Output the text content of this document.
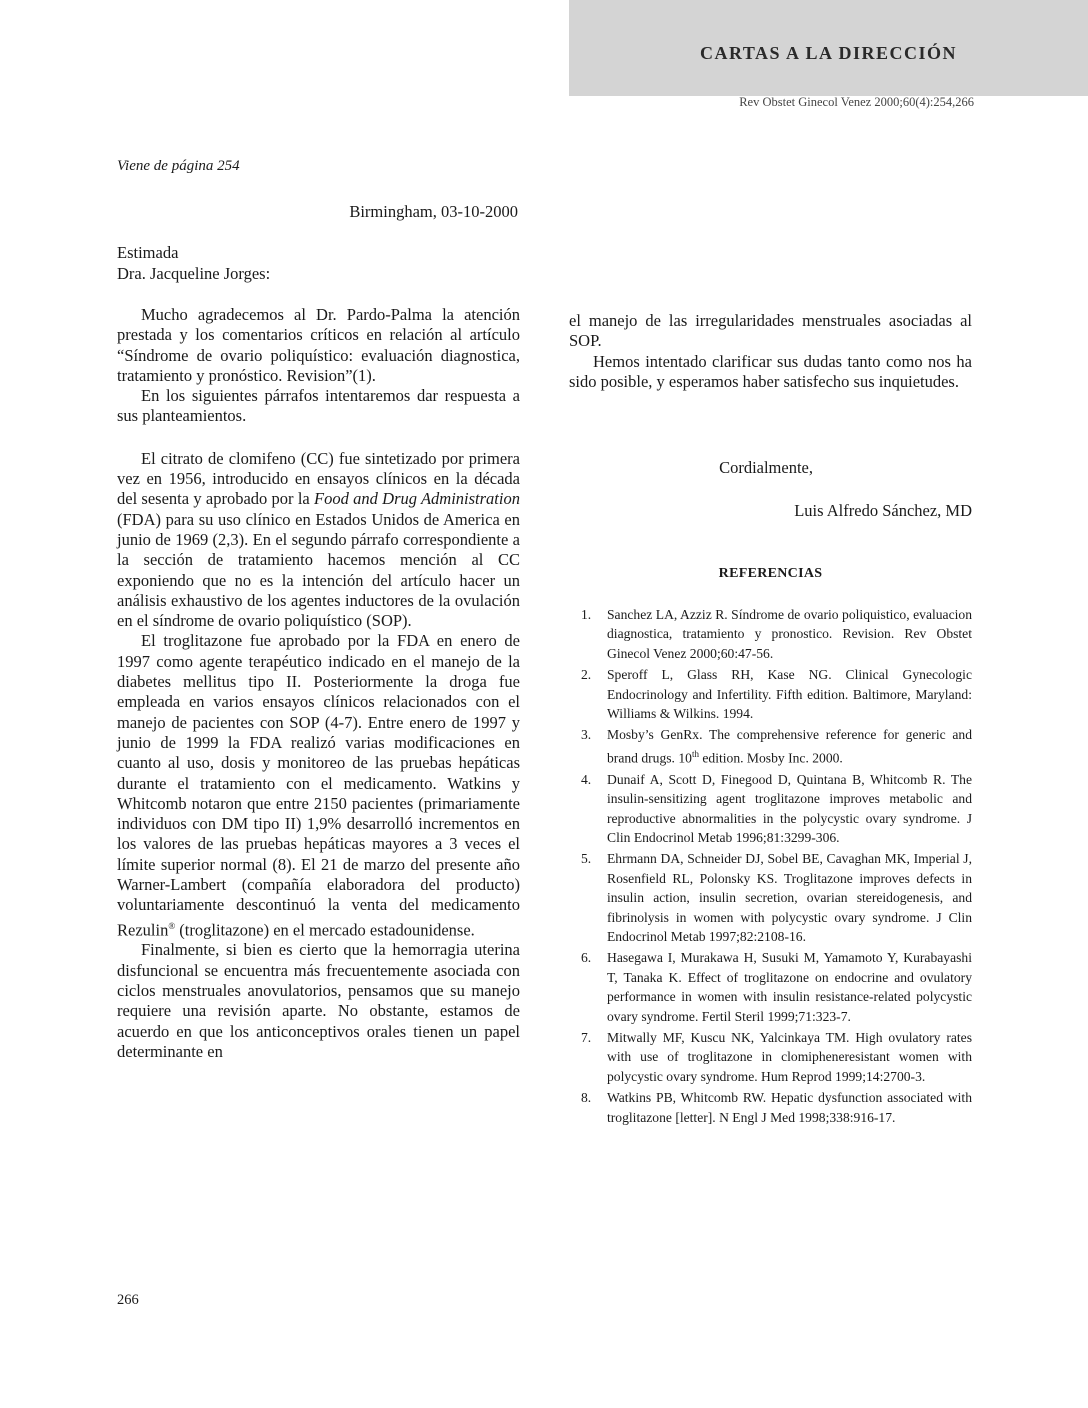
CARTAS A LA DIRECCIÓN
Rev Obstet Ginecol Venez 2000;60(4):254,266
Viene de página 254
Birmingham, 03-10-2000
Estimada
Dra. Jacqueline Jorges:

Mucho agradecemos al Dr. Pardo-Palma la atención prestada y los comentarios críticos en relación al artículo “Síndrome de ovario poliquístico: evaluación diagnostica, tratamiento y pronóstico. Revision”(1).

En los siguientes párrafos intentaremos dar respuesta a sus planteamientos.

El citrato de clomifeno (CC) fue sintetizado por primera vez en 1956, introducido en ensayos clínicos en la década del sesenta y aprobado por la Food and Drug Administration (FDA) para su uso clínico en Estados Unidos de America en junio de 1969 (2,3). En el segundo párrafo correspondiente a la sección de tratamiento hacemos mención al CC exponiendo que no es la intención del artículo hacer un análisis exhaustivo de los agentes inductores de la ovulación en el síndrome de ovario poliquístico (SOP).

El troglitazone fue aprobado por la FDA en enero de 1997 como agente terapéutico indicado en el manejo de la diabetes mellitus tipo II. Posteriormente la droga fue empleada en varios ensayos clínicos relacionados con el manejo de pacientes con SOP (4-7). Entre enero de 1997 y junio de 1999 la FDA realizó varias modificaciones en cuanto al uso, dosis y monitoreo de las pruebas hepáticas durante el tratamiento con el medicamento. Watkins y Whitcomb notaron que entre 2150 pacientes (primariamente individuos con DM tipo II) 1,9% desarrolló incrementos en los valores de las pruebas hepáticas mayores a 3 veces el límite superior normal (8). El 21 de marzo del presente año Warner-Lambert (compañía elaboradora del producto) voluntariamente descontinuó la venta del medicamento Rezulin® (troglitazone) en el mercado estadounidense.

Finalmente, si bien es cierto que la hemorragia uterina disfuncional se encuentra más frecuentemente asociada con ciclos menstruales anovulatorios, pensamos que su manejo requiere una revisión aparte. No obstante, estamos de acuerdo en que los anticonceptivos orales tienen un papel determinante en

el manejo de las irregularidades menstruales asociadas al SOP.

Hemos intentado clarificar sus dudas tanto como nos ha sido posible, y esperamos haber satisfecho sus inquietudes.

Cordialmente,
Luis Alfredo Sánchez, MD
REFERENCIAS
1. Sanchez LA, Azziz R. Síndrome de ovario poliquistico, evaluacion diagnostica, tratamiento y pronostico. Revision. Rev Obstet Ginecol Venez 2000;60:47-56.
2. Speroff L, Glass RH, Kase NG. Clinical Gynecologic Endocrinology and Infertility. Fifth edition. Baltimore, Maryland: Williams & Wilkins. 1994.
3. Mosby’s GenRx. The comprehensive reference for generic and brand drugs. 10th edition. Mosby Inc. 2000.
4. Dunaif A, Scott D, Finegood D, Quintana B, Whitcomb R. The insulin-sensitizing agent troglitazone improves metabolic and reproductive abnormalities in the polycystic ovary syndrome. J Clin Endocrinol Metab 1996;81:3299-306.
5. Ehrmann DA, Schneider DJ, Sobel BE, Cavaghan MK, Imperial J, Rosenfield RL, Polonsky KS. Troglitazone improves defects in insulin action, insulin secretion, ovarian stereidogenesis, and fibrinolysis in women with polycystic ovary syndrome. J Clin Endocrinol Metab 1997;82:2108-16.
6. Hasegawa I, Murakawa H, Susuki M, Yamamoto Y, Kurabayashi T, Tanaka K. Effect of troglitazone on endocrine and ovulatory performance in women with insulin resistance-related polycystic ovary syndrome. Fertil Steril 1999;71:323-7.
7. Mitwally MF, Kuscu NK, Yalcinkaya TM. High ovulatory rates with use of troglitazone in clomipheneresistant women with polycystic ovary syndrome. Hum Reprod 1999;14:2700-3.
8. Watkins PB, Whitcomb RW. Hepatic dysfunction associated with troglitazone [letter]. N Engl J Med 1998;338:916-17.
266
